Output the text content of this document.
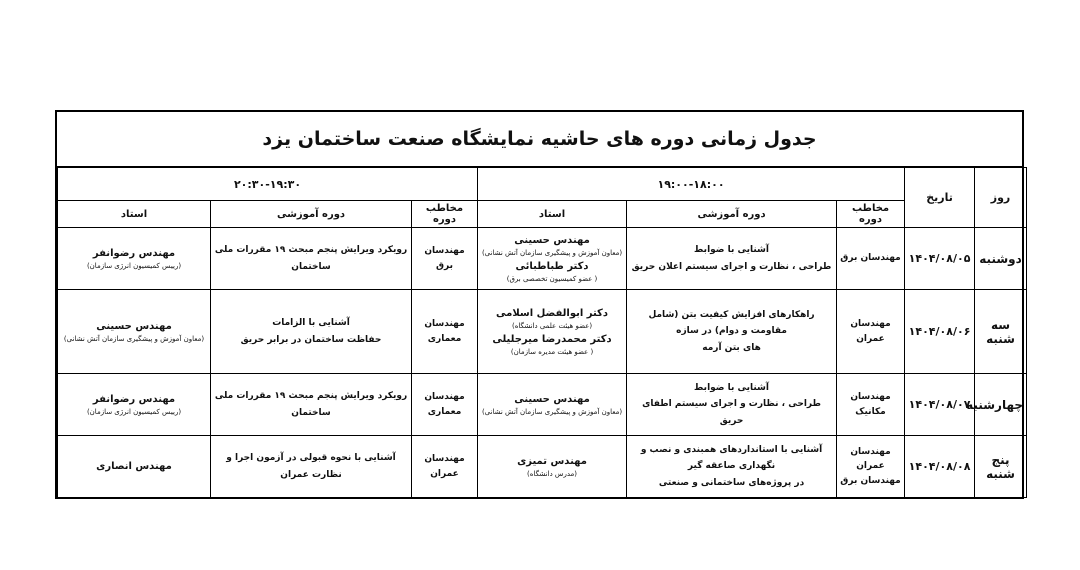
جدول زمانی دوره های حاشیه نمایشگاه صنعت ساختمان یزد
روز	تاریخ	۱۹:۰۰-۱۸:۰۰			۲۰:۳۰-۱۹:۳۰		
		مخاطب دوره	دوره آموزشی	استاد	مخاطب دوره	دوره آموزشی	استاد
دوشنبه	۱۴۰۴/۰۸/۰۵	مهندسان برق	آشنایی با ضوابط
طراحی ، نظارت و اجرای سیستم اعلان حریق	مهندس حسینی
(معاون آموزش و پیشگیری سازمان آتش نشانی)
دکتر طباطبائی
( عضو کمیسیون تخصصی برق)	مهندسان برق	رویکرد ویرایش پنجم مبحث ۱۹ مقررات ملی ساختمان	مهندس رضوانفر
(رییس کمیسیون انرژی سازمان)

سه شنبه	۱۴۰۴/۰۸/۰۶	مهندسان عمران	راهکارهای افزایش کیفیت بتن (شامل مقاومت و دوام) در سازه
های بتن آرمه	دکتر ابوالفضل اسلامی
(عضو هیئت علمی دانشگاه)
دکتر محمدرضا میرجلیلی
( عضو هیئت مدیره سازمان)	مهندسان معماری	آشنایی با الزامات
حفاظت ساختمان در برابر حریق	مهندس حسینی
(معاون آموزش و پیشگیری سازمان آتش نشانی)

چهارشنبه	۱۴۰۴/۰۸/۰۷	مهندسان مکانیک	آشنایی با ضوابط
طراحی ، نظارت و اجرای سیستم اطفای حریق	مهندس حسینی
(معاون آموزش و پیشگیری سازمان آتش نشانی)	مهندسان معماری	رویکرد ویرایش پنجم مبحث ۱۹ مقررات ملی ساختمان	مهندس رضوانفر
(رییس کمیسیون انرژی سازمان)

پنج شنبه	۱۴۰۴/۰۸/۰۸	مهندسان عمران
مهندسان برق	آشنایی با استانداردهای همبندی و نصب و نگهداری صاعقه گیر
در پروژه‌های ساختمانی و صنعتی	مهندس تمیزی
(مدرس دانشگاه)	مهندسان عمران	آشنایی با نحوه قبولی در آزمون اجرا و نظارت عمران	مهندس انصاری
